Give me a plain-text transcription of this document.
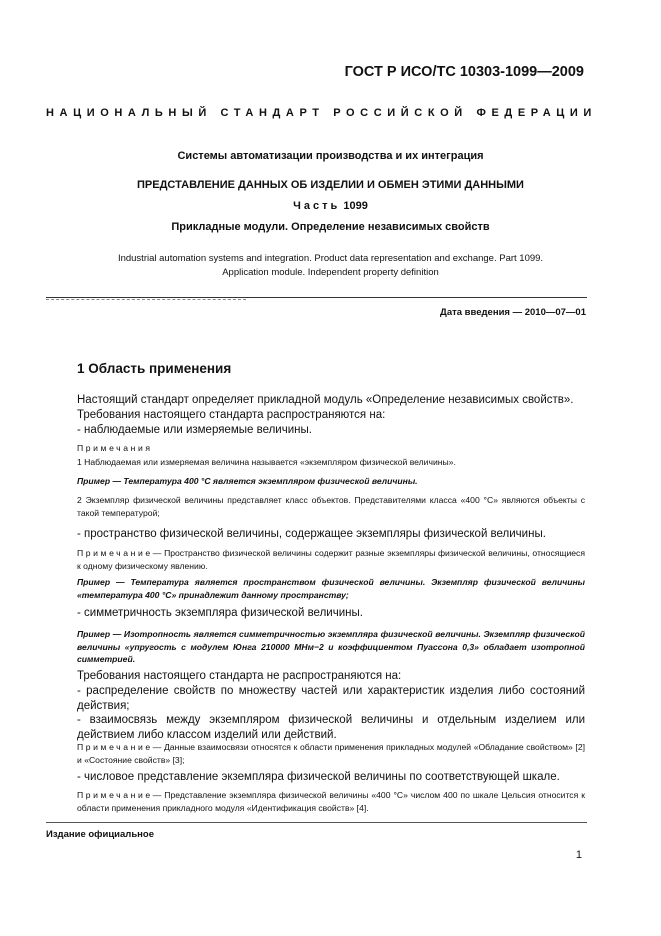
ГОСТ Р ИСО/ТС 10303-1099—2009
НАЦИОНАЛЬНЫЙ СТАНДАРТ РОССИЙСКОЙ ФЕДЕРАЦИИ
Системы автоматизации производства и их интеграция
ПРЕДСТАВЛЕНИЕ ДАННЫХ ОБ ИЗДЕЛИИ И ОБМЕН ЭТИМИ ДАННЫМИ
Часть 1099
Прикладные модули. Определение независимых свойств
Industrial automation systems and integration. Product data representation and exchange. Part 1099.
Application module. Independent property definition
Дата введения — 2010—07—01
1 Область применения
Настоящий стандарт определяет прикладной модуль «Определение независимых свойств».
Требования настоящего стандарта распространяются на:
- наблюдаемые или измеряемые величины.
Примечания
1 Наблюдаемая или измеряемая величина называется «экземпляром физической величины».
Пример — Температура 400 °С является экземпляром физической величины.
2 Экземпляр физической величины представляет класс объектов. Представителями класса «400 °С» являются объекты с такой температурой;
- пространство физической величины, содержащее экземпляры физической величины.
Примечание— Пространство физической величины содержит разные экземпляры физической величины, относящиеся к одному физическому явлению.
Пример — Температура является пространством физической величины. Экземпляр физической величины «температура 400 °С» принадлежит данному пространству;
- симметричность экземпляра физической величины.
Пример — Изотропность является симметричностью экземпляра физической величины. Экземпляр физической величины «упругость с модулем Юнга 210000 МНм−2 и коэффициентом Пуассона 0,3» обладает изотропной симметрией.
Требования настоящего стандарта не распространяются на:
- распределение свойств по множеству частей или характеристик изделия либо состояний действия;
- взаимосвязь между экземпляром физической величины и отдельным изделием или действием либо классом изделий или действий.
Примечание— Данные взаимосвязи относятся к области применения прикладных модулей «Обладание свойством» [2] и «Состояние свойств» [3];
- числовое представление экземпляра физической величины по соответствующей шкале.
Примечание— Представление экземпляра физической величины «400 °С» числом 400 по шкале Цельсия относится к области применения прикладного модуля «Идентификация свойств» [4].
Издание официальное
1
